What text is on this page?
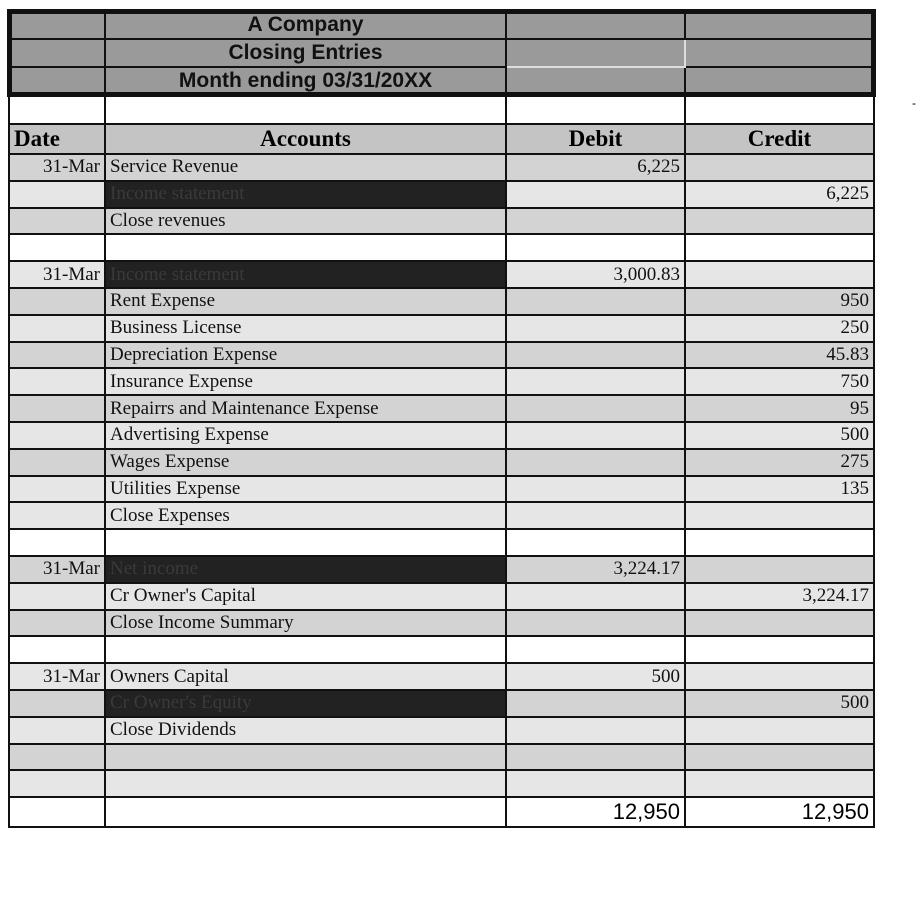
	A Company		
	Closing Entries		
	Month ending 03/31/20XX		

Date	Accounts	Debit	Credit
31-Mar	Service Revenue	6,225	
	Income statement		6,225
	Close revenues		

31-Mar	Income statement	3,000.83	
	Rent Expense		950
	Business License		250
	Depreciation Expense		45.83
	Insurance Expense		750
	Repairrs and Maintenance Expense		95
	Advertising Expense		500
	Wages Expense		275
	Utilities Expense		135
	Close Expenses		

31-Mar	Net income	3,224.17	
	Cr Owner's Capital		3,224.17
	Close Income Summary		

31-Mar	Owners Capital	500	
	Cr Owner's Equity		500
	Close Dividends		

		12,950	12,950
-
